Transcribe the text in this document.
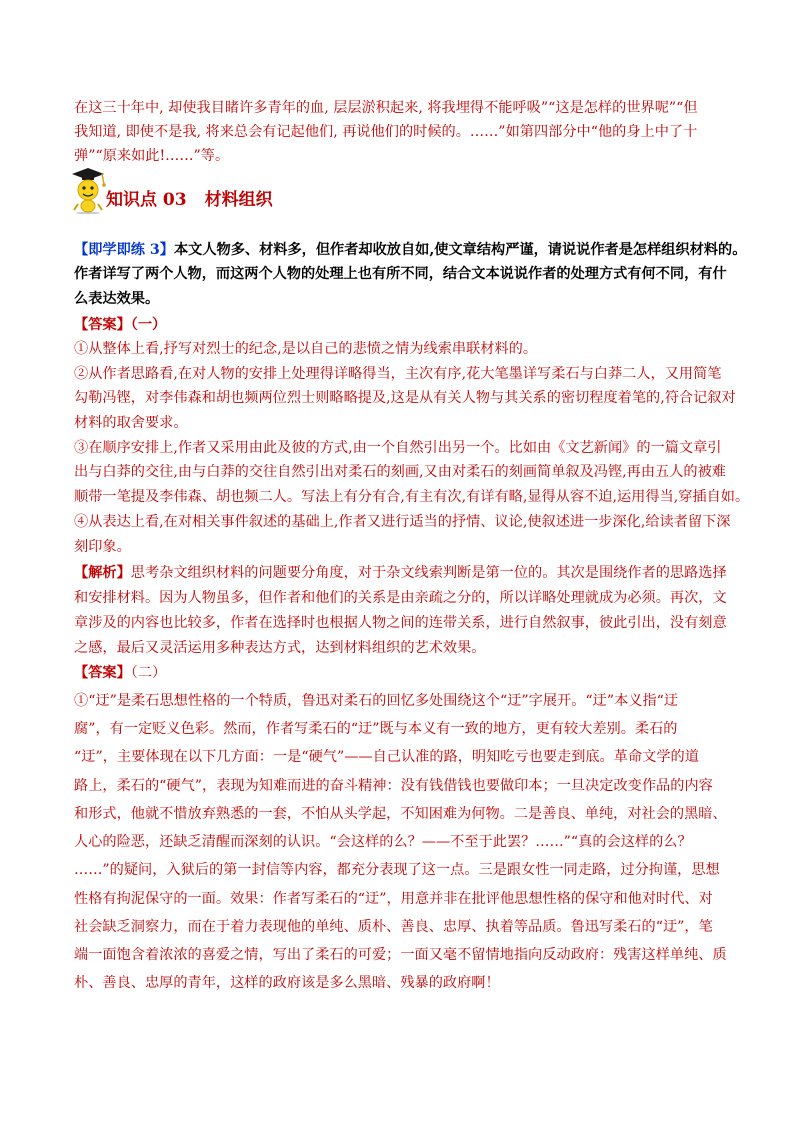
在这三十年中, 却使我目睹许多青年的血, 层层淤积起来, 将我埋得不能呼吸”“这是怎样的世界呢”“但
我知道, 即使不是我, 将来总会有记起他们, 再说他们的时候的。……”如第四部分中“他的身上中了十
弹”“原来如此!……”等。
知识点 03 材料组织
【即学即练 3】本文人物多、材料多，但作者却收放自如,使文章结构严谨，请说说作者是怎样组织材料的。
作者详写了两个人物，而这两个人物的处理上也有所不同，结合文本说说作者的处理方式有何不同，有什
么表达效果。
【答案】（一）
①从整体上看,抒写对烈士的纪念,是以自己的悲愤之情为线索串联材料的。
②从作者思路看,在对人物的安排上处理得详略得当，主次有序,花大笔墨详写柔石与白莽二人，又用简笔
勾勒冯铿，对李伟森和胡也频两位烈士则略略提及,这是从有关人物与其关系的密切程度着笔的,符合记叙对
材料的取舍要求。
③在顺序安排上,作者又采用由此及彼的方式,由一个自然引出另一个。比如由《文艺新闻》的一篇文章引
出与白莽的交往,由与白莽的交往自然引出对柔石的刻画,又由对柔石的刻画简单叙及冯铿,再由五人的被难
顺带一笔提及李伟森、胡也频二人。写法上有分有合,有主有次,有详有略,显得从容不迫,运用得当,穿插自如。
④从表达上看,在对相关事件叙述的基础上,作者又进行适当的抒情、议论,使叙述进一步深化,给读者留下深
刻印象。
【解析】思考杂文组织材料的问题要分角度，对于杂文线索判断是第一位的。其次是围绕作者的思路选择
和安排材料。因为人物虽多，但作者和他们的关系是由亲疏之分的，所以详略处理就成为必须。再次，文
章涉及的内容也比较多，作者在选择时也根据人物之间的连带关系，进行自然叙事，彼此引出，没有刻意
之感，最后又灵活运用多种表达方式，达到材料组织的艺术效果。
【答案】（二）
①“迂”是柔石思想性格的一个特质，鲁迅对柔石的回忆多处围绕这个“迂”字展开。“迂”本义指“迂
腐”，有一定贬义色彩。然而，作者写柔石的“迂”既与本义有一致的地方，更有较大差别。柔石的
“迂”，主要体现在以下几方面：一是“硬气”——自己认准的路，明知吃亏也要走到底。革命文学的道
路上，柔石的“硬气”，表现为知难而进的奋斗精神：没有钱借钱也要做印本；一旦决定改变作品的内容
和形式，他就不惜放弃熟悉的一套，不怕从头学起，不知困难为何物。二是善良、单纯，对社会的黑暗、
人心的险恶，还缺乏清醒而深刻的认识。“会这样的么？——不至于此罢？……”“真的会这样的么？
……”的疑问，入狱后的第一封信等内容，都充分表现了这一点。三是跟女性一同走路，过分拘谨，思想
性格有拘泥保守的一面。效果：作者写柔石的“迂”，用意并非在批评他思想性格的保守和他对时代、对
社会缺乏洞察力，而在于着力表现他的单纯、质朴、善良、忠厚、执着等品质。鲁迅写柔石的“迂”，笔
端一面饱含着浓浓的喜爱之情，写出了柔石的可爱；一面又毫不留情地指向反动政府：残害这样单纯、质
朴、善良、忠厚的青年，这样的政府该是多么黑暗、残暴的政府啊！
